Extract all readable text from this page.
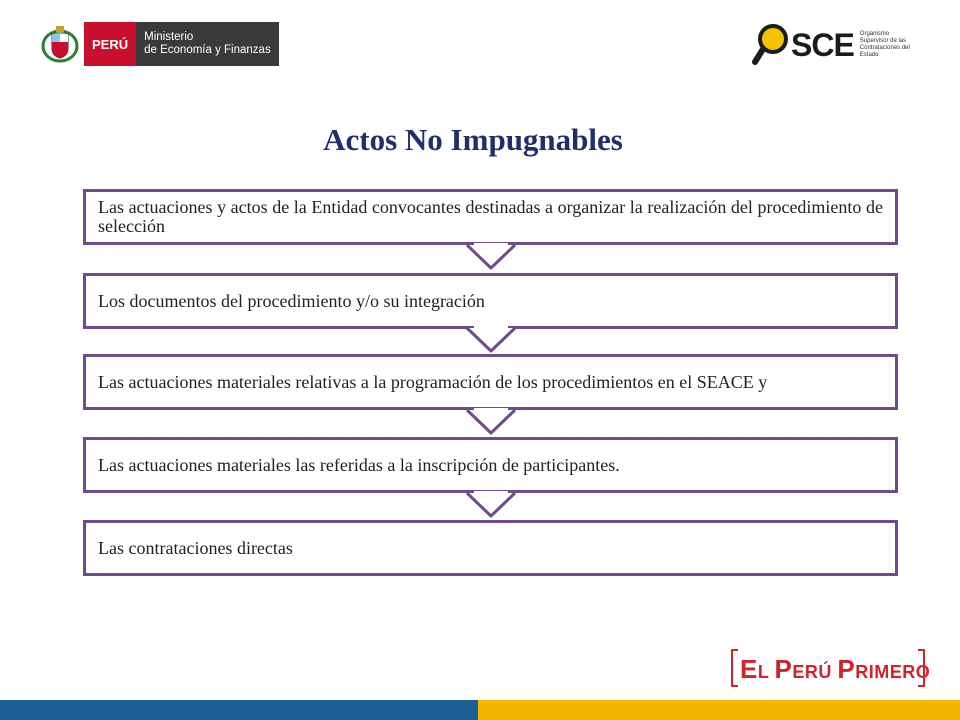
PERÚ	Ministerio
de Economía y Finanzas	SCE Organismo Supervisor de las Contrataciones del Estado
Actos No Impugnables
Las actuaciones y actos de la Entidad convocantes destinadas a organizar la realización del procedimiento de selección
Los documentos del procedimiento y/o su integración
Las actuaciones materiales relativas a la programación de los procedimientos en el SEACE y
Las actuaciones materiales las referidas a la inscripción de participantes.
Las contrataciones directas
EL PERÚ PRIMERO
